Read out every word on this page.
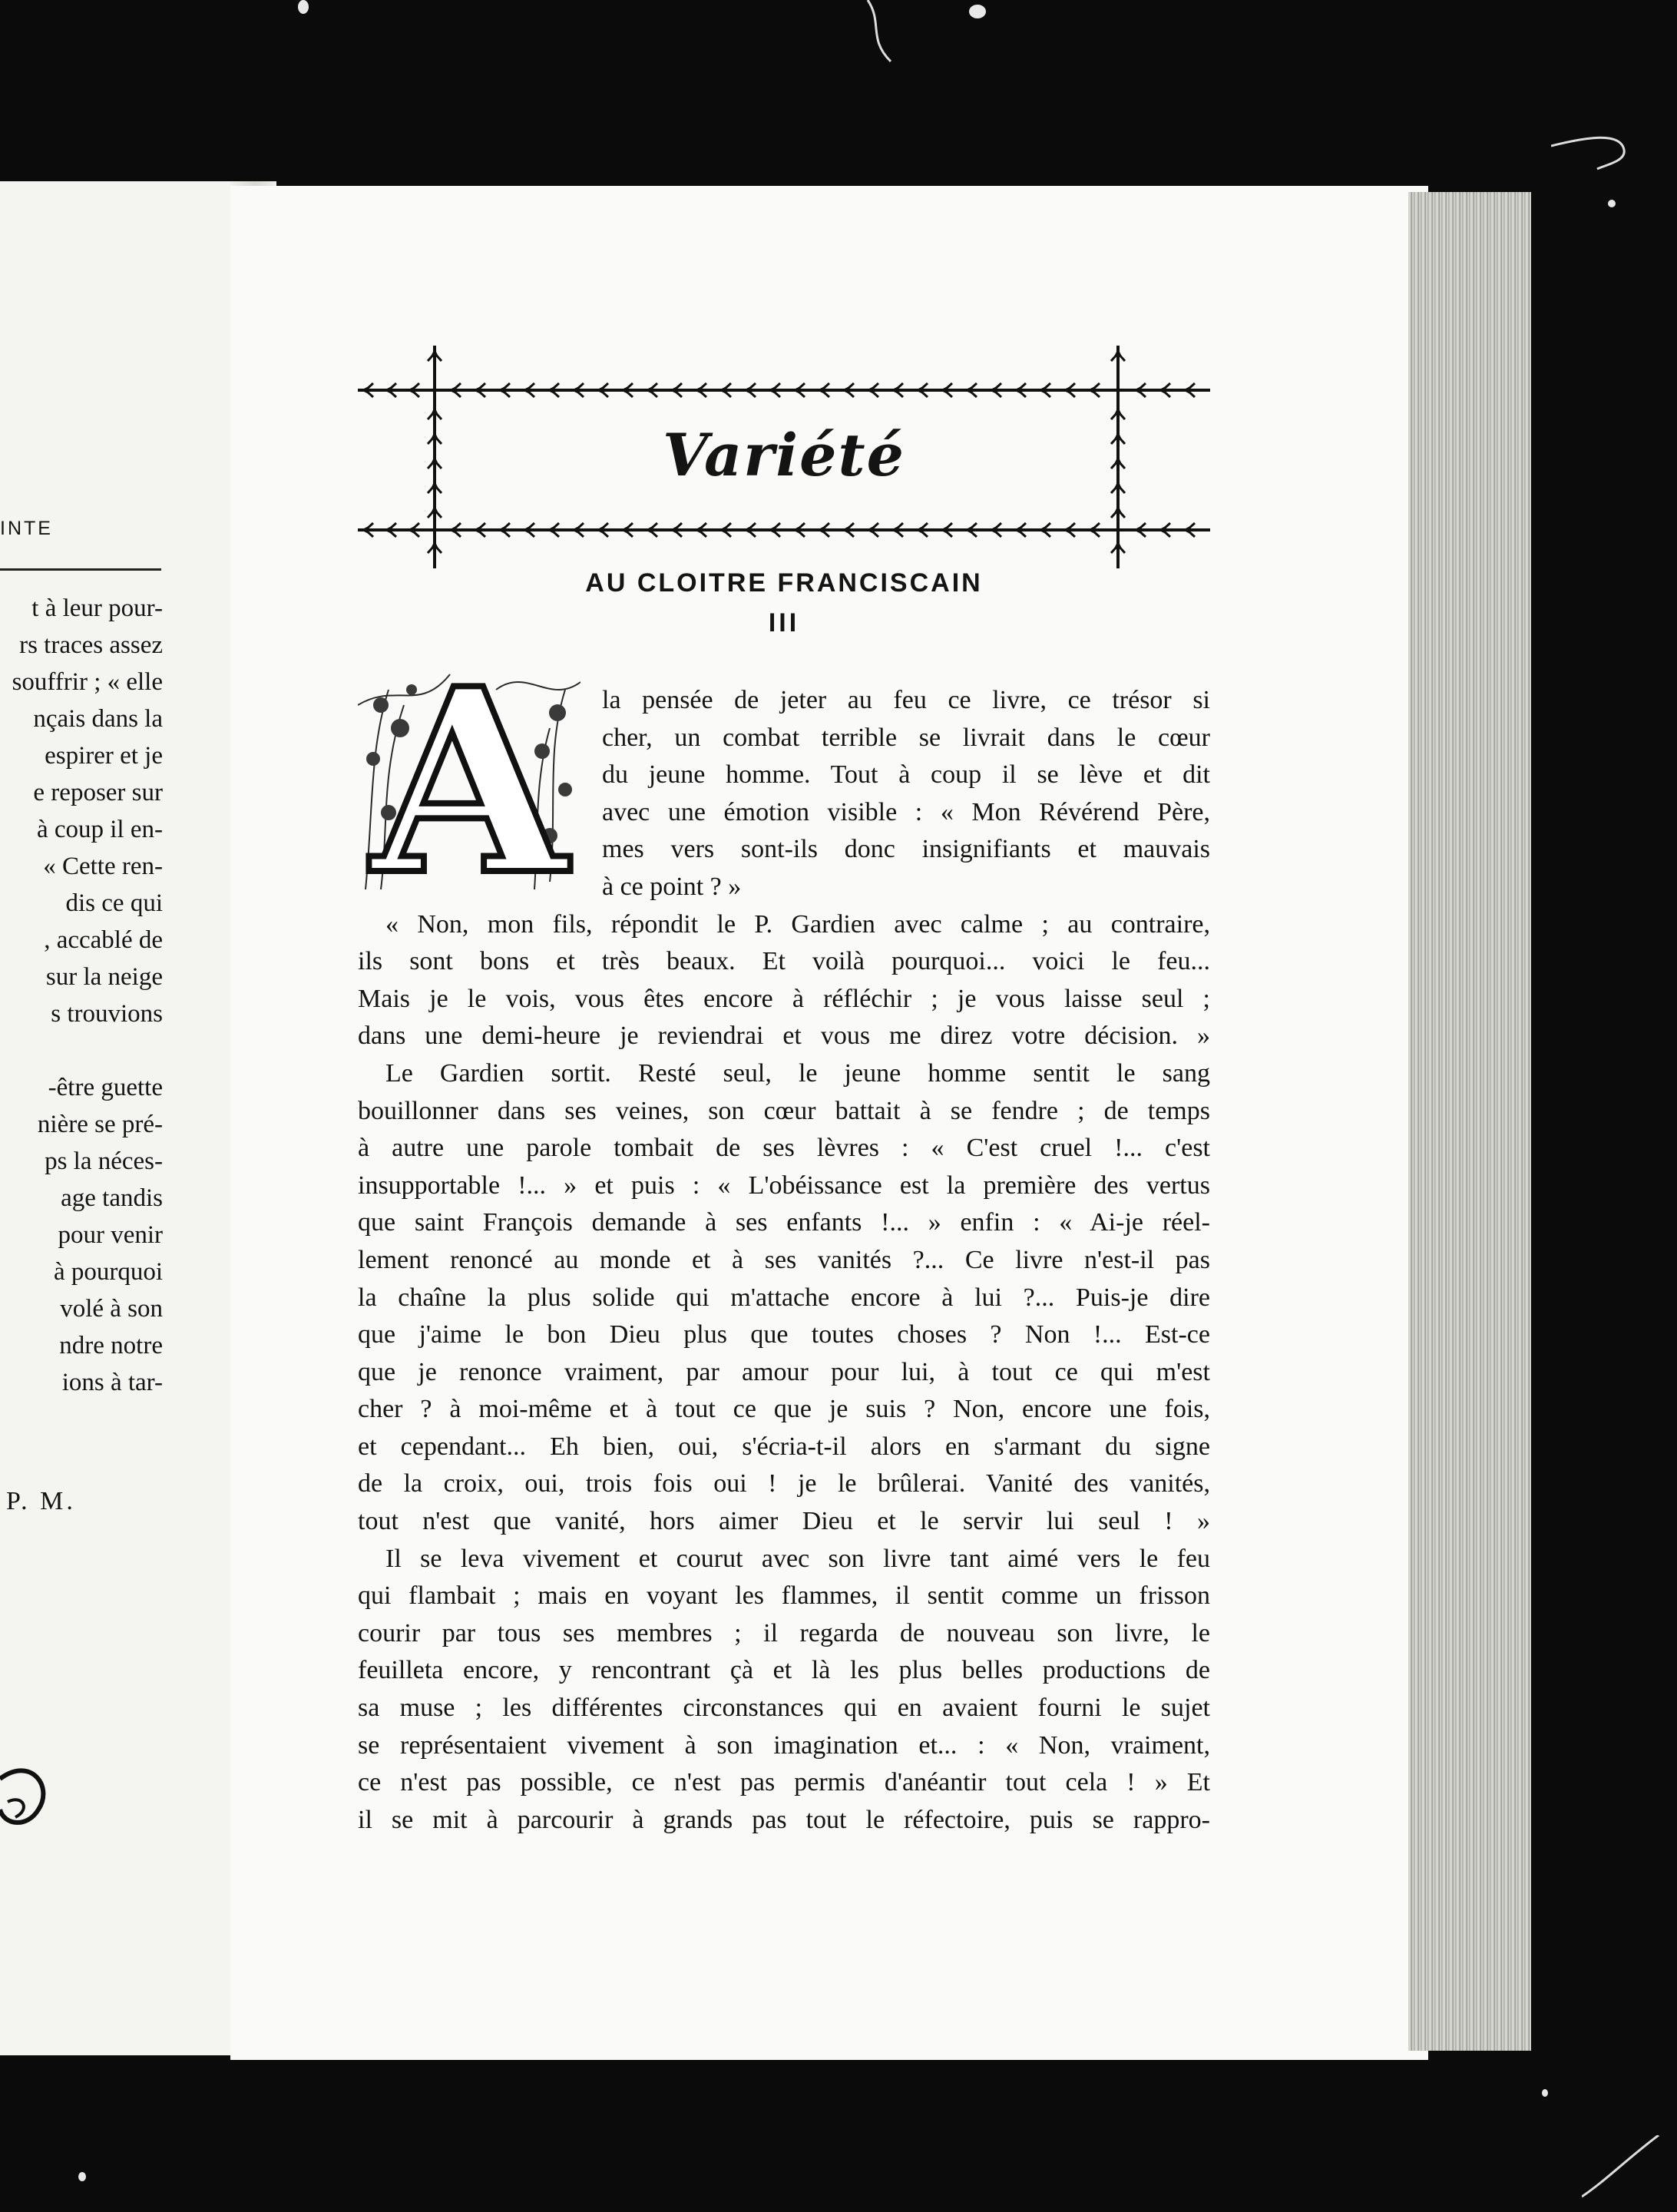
INTE
t à leur pour-
rs traces assez
souffrir ; « elle
nçais dans la
espirer et je
e reposer sur
à coup il en-
« Cette ren-
dis ce qui
, accablé de
sur la neige
s trouvions
-être guette
nière se pré-
ps la néces-
age tandis
pour venir
à pourquoi
volé à son
ndre notre
ions à tar-
P. M.
Variété
AU CLOITRE FRANCISCAIN
III
A	la pensée de jeter au feu ce livre, ce trésor si
cher, un combat terrible se livrait dans le cœur
du jeune homme. Tout à coup il se lève et dit
avec une émotion visible : « Mon Révérend Père,
mes vers sont-ils donc insignifiants et mauvais
à ce point ? »
« Non, mon fils, répondit le P. Gardien avec calme ; au contraire,
ils sont bons et très beaux. Et voilà pourquoi... voici le feu...
Mais je le vois, vous êtes encore à réfléchir ; je vous laisse seul ;
dans une demi-heure je reviendrai et vous me direz votre décision. »
Le Gardien sortit. Resté seul, le jeune homme sentit le sang
bouillonner dans ses veines, son cœur battait à se fendre ; de temps
à autre une parole tombait de ses lèvres : « C'est cruel !... c'est
insupportable !... » et puis : « L'obéissance est la première des vertus
que saint François demande à ses enfants !... » enfin : « Ai-je réel-
lement renoncé au monde et à ses vanités ?... Ce livre n'est-il pas
la chaîne la plus solide qui m'attache encore à lui ?... Puis-je dire
que j'aime le bon Dieu plus que toutes choses ? Non !... Est-ce
que je renonce vraiment, par amour pour lui, à tout ce qui m'est
cher ? à moi-même et à tout ce que je suis ? Non, encore une fois,
et cependant... Eh bien, oui, s'écria-t-il alors en s'armant du signe
de la croix, oui, trois fois oui ! je le brûlerai. Vanité des vanités,
tout n'est que vanité, hors aimer Dieu et le servir lui seul ! »
Il se leva vivement et courut avec son livre tant aimé vers le feu
qui flambait ; mais en voyant les flammes, il sentit comme un frisson
courir par tous ses membres ; il regarda de nouveau son livre, le
feuilleta encore, y rencontrant çà et là les plus belles productions de
sa muse ; les différentes circonstances qui en avaient fourni le sujet
se représentaient vivement à son imagination et... : « Non, vraiment,
ce n'est pas possible, ce n'est pas permis d'anéantir tout cela ! » Et
il se mit à parcourir à grands pas tout le réfectoire, puis se rappro-
